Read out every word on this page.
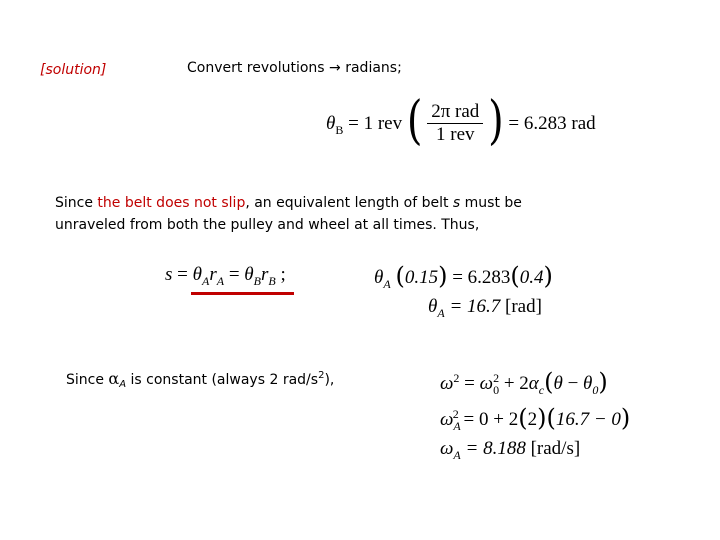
[solution]	Convert revolutions → radians;
$\theta_B = 1$ rev ( $\frac{\text{2π rad}}{\text{1 rev}}$ ) = 6.283 rad
Since the belt does not slip, an equivalent length of belt s must be
unraveled from both the pulley and wheel at all times. Thus,
$s = \theta_Ar_A = \theta_Br_B$ ;	$\theta_A$ (0.15) = 6.283(0.4)
$\theta_A = 16.7$ [rad]
Since $\alpha_A$ is constant (always 2 rad/$s^2$),	$\omega^2 = \omega_0^2 + 2\alpha_c(\theta - \theta_0)$
$\omega_A^2 = 0 + 2(2)(16.7 - 0)$
$\omega_A = 8.188$ [rad/s]
